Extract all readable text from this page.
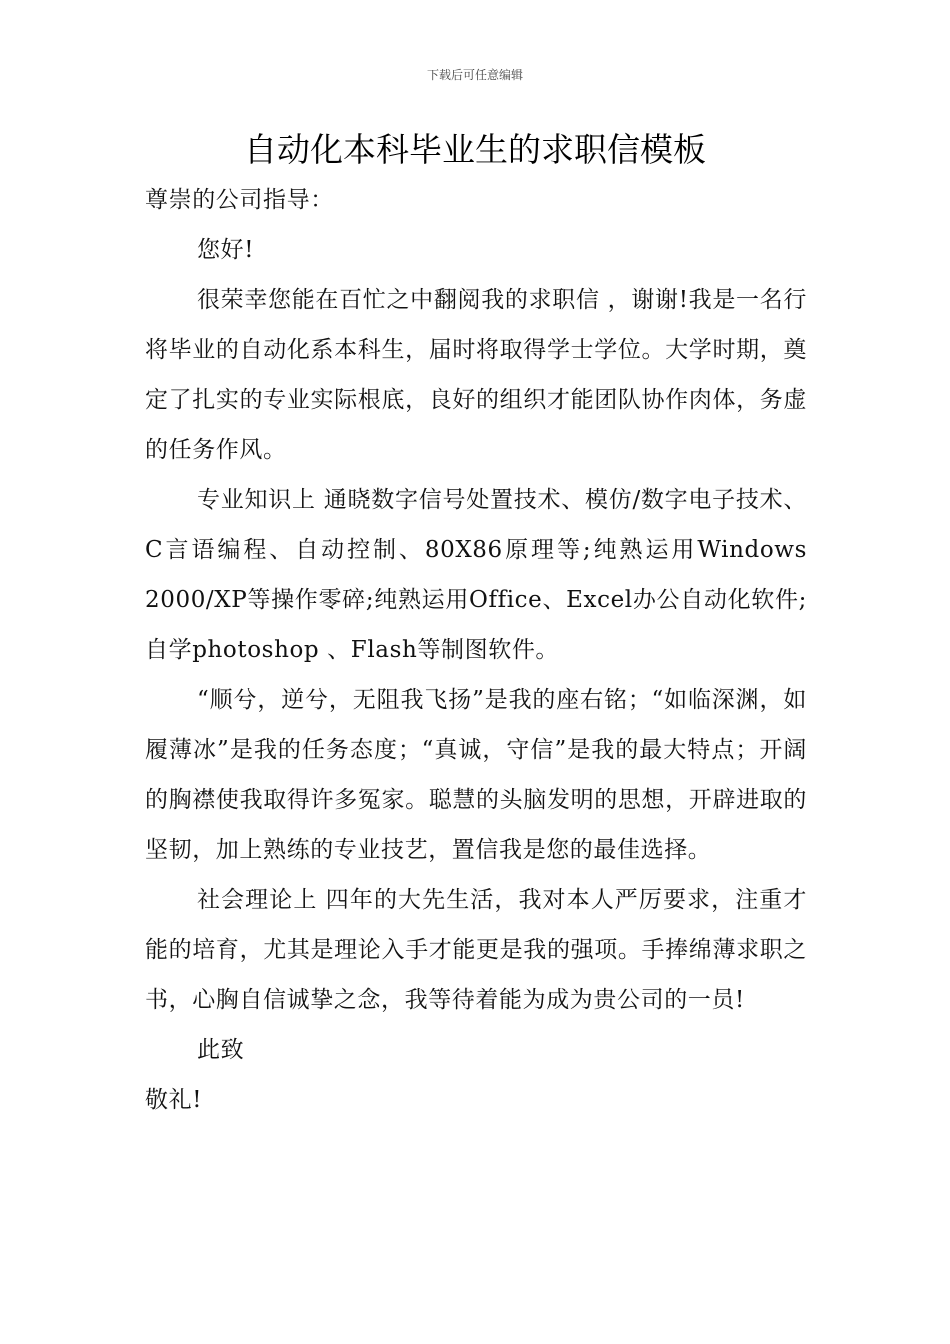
下载后可任意编辑
自动化本科毕业生的求职信模板

尊崇的公司指导：

您好!

很荣幸您能在百忙之中翻阅我的求职信 ，谢谢!我是一名行将毕业的自动化系本科生，届时将取得学士学位。大学时期，奠定了扎实的专业实际根底，良好的组织才能团队协作肉体，务虚的任务作风。

专业知识上 通晓数字信号处置技术、模仿/数字电子技术、C言语编程、自动控制、80X86原理等;纯熟运用Windows 2000/XP等操作零碎;纯熟运用Office、Excel办公自动化软件;自学photoshop 、Flash等制图软件。

“顺兮，逆兮，无阻我飞扬”是我的座右铭；“如临深渊，如履薄冰”是我的任务态度；“真诚，守信”是我的最大特点；开阔的胸襟使我取得许多冤家。聪慧的头脑发明的思想，开辟进取的坚韧，加上熟练的专业技艺，置信我是您的最佳选择。

社会理论上 四年的大先生活，我对本人严厉要求，注重才能的培育，尤其是理论入手才能更是我的强项。手捧绵薄求职之书，心胸自信诚挚之念，我等待着能为成为贵公司的一员!

此致

敬礼!
